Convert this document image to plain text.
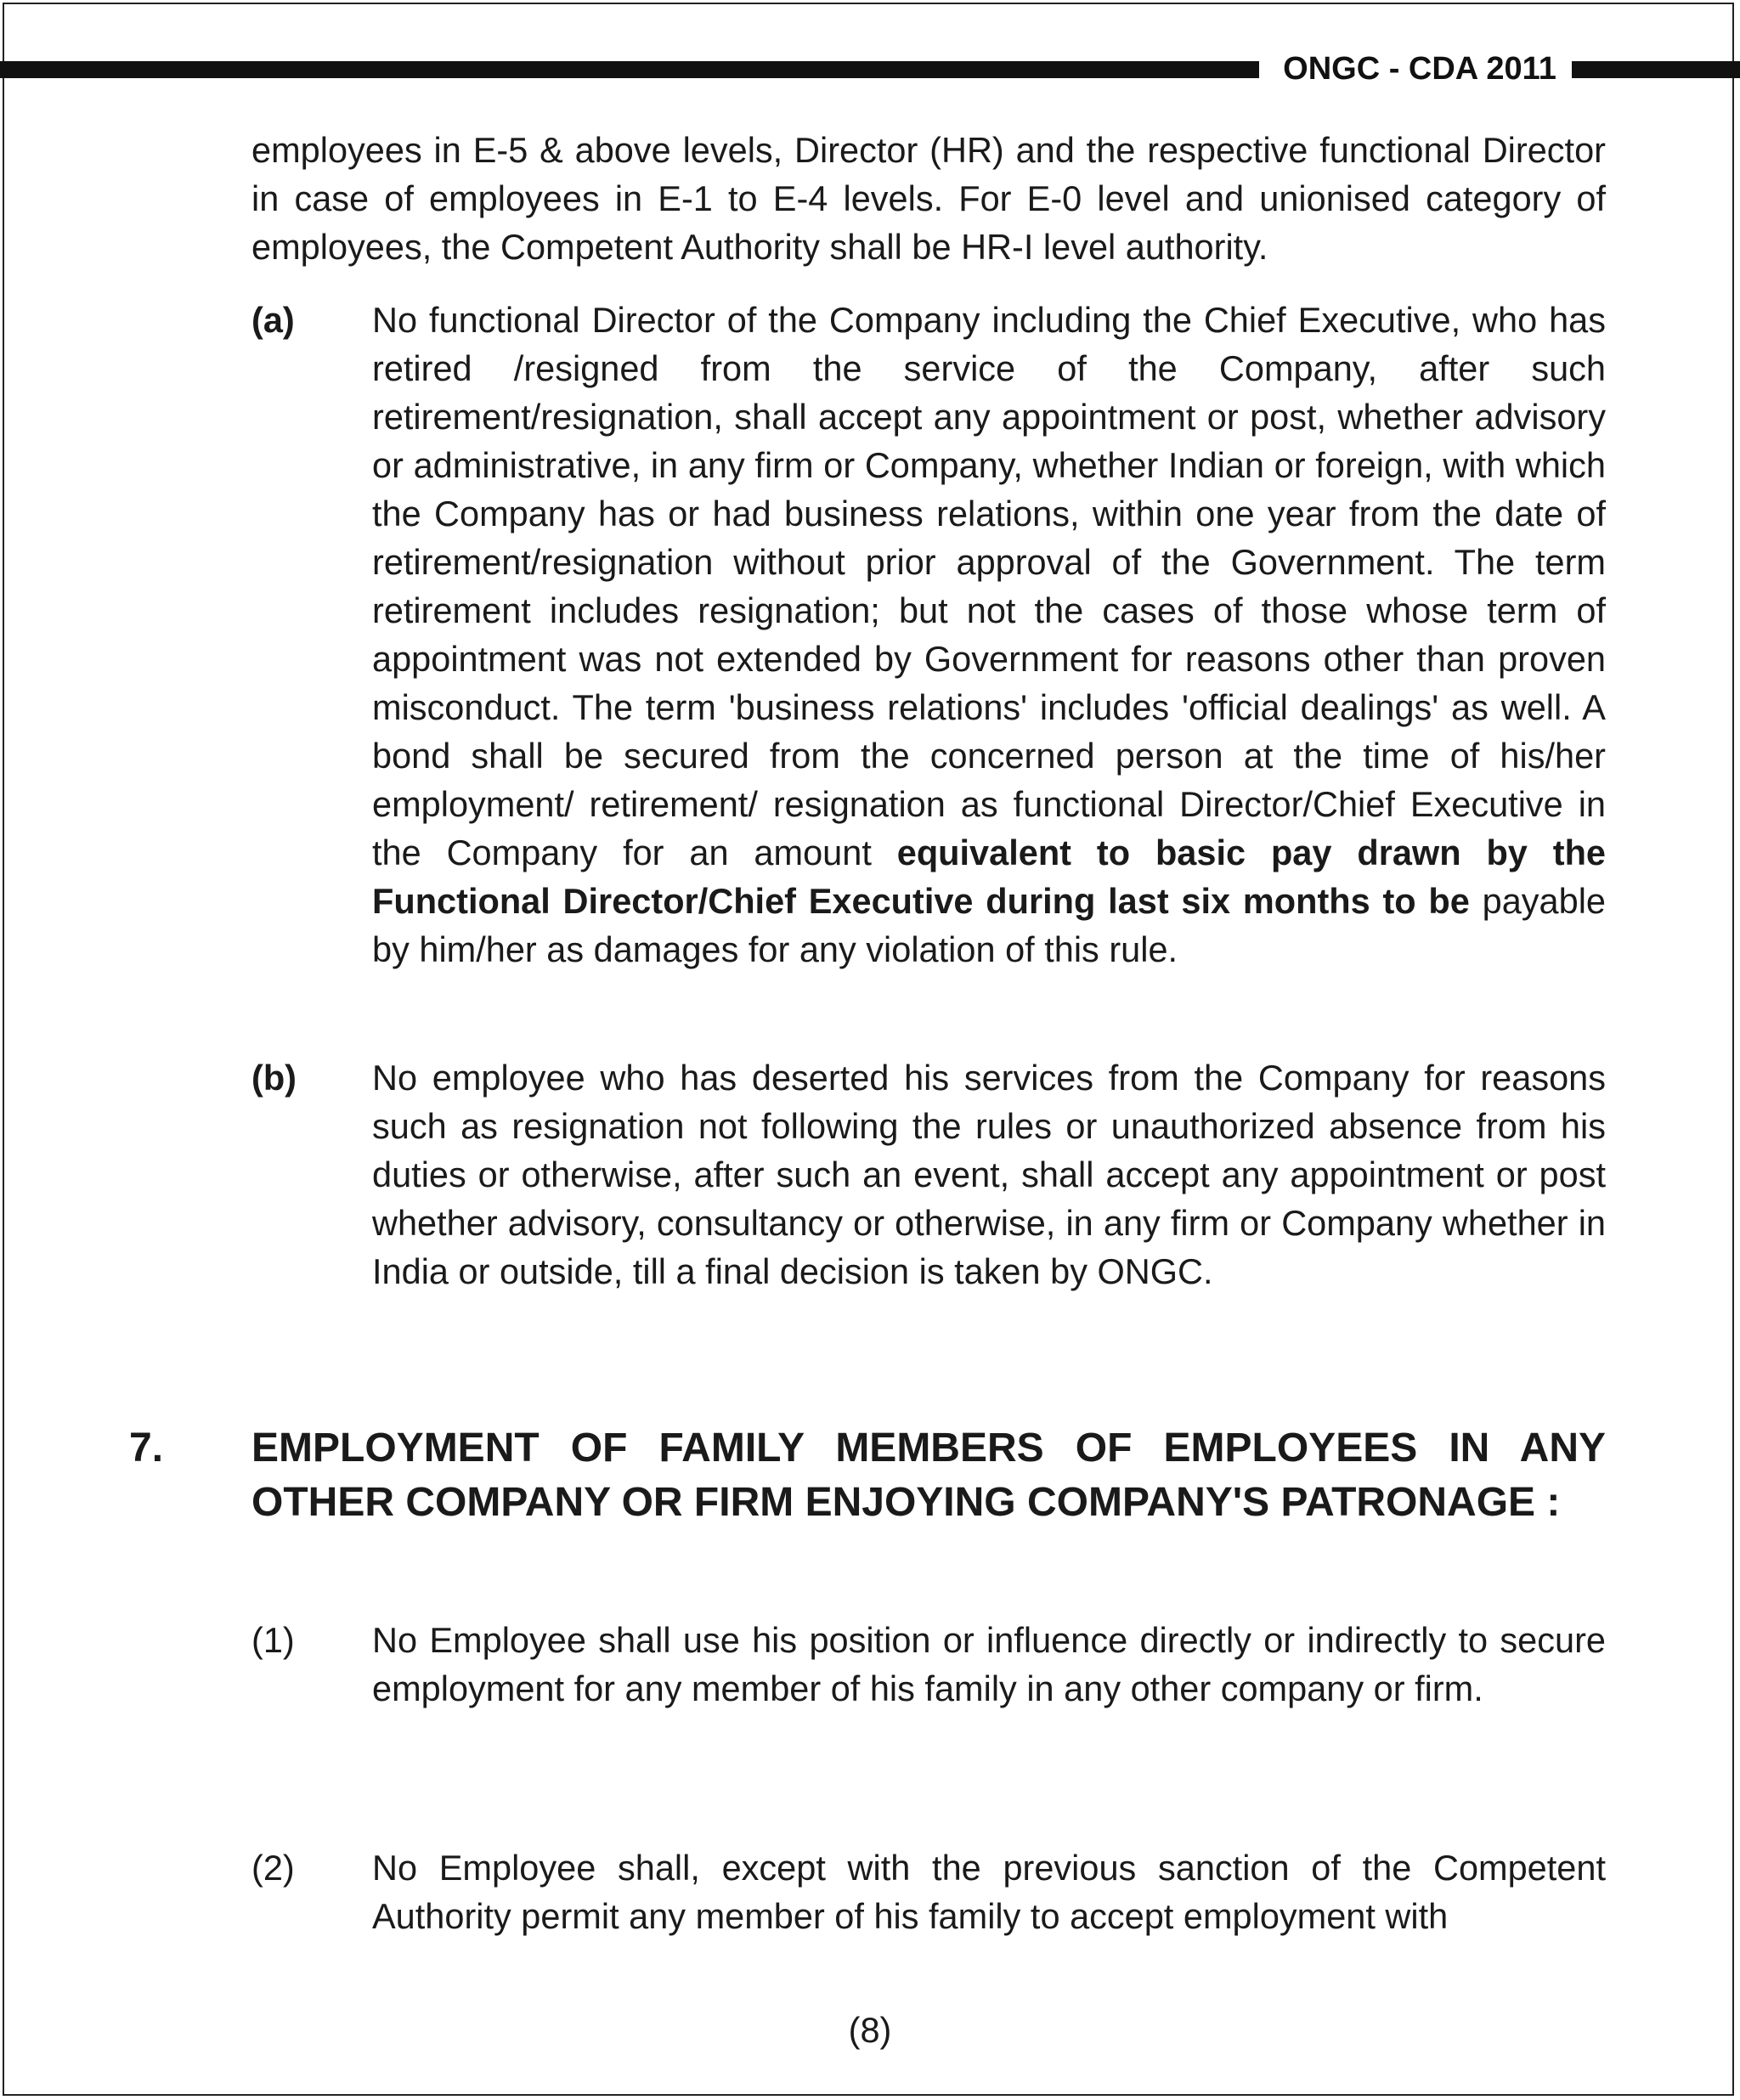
ONGC - CDA 2011

employees in E-5 & above levels, Director (HR) and the respective functional Director in case of employees in E-1 to E-4 levels. For E-0 level and unionised category of employees, the Competent Authority shall be HR-I level authority.

(a) No functional Director of the Company including the Chief Executive, who has retired /resigned from the service of the Company, after such retirement/resignation, shall accept any appointment or post, whether advisory or administrative, in any firm or Company, whether Indian or foreign, with which the Company has or had business relations, within one year from the date of retirement/resignation without prior approval of the Government. The term retirement includes resignation; but not the cases of those whose term of appointment was not extended by Government for reasons other than proven misconduct. The term 'business relations' includes 'official dealings' as well. A bond shall be secured from the concerned person at the time of his/her employment/ retirement/ resignation as functional Director/Chief Executive in the Company for an amount equivalent to basic pay drawn by the Functional Director/Chief Executive during last six months to be payable by him/her as damages for any violation of this rule.

(b) No employee who has deserted his services from the Company for reasons such as resignation not following the rules or unauthorized absence from his duties or otherwise, after such an event, shall accept any appointment or post whether advisory, consultancy or otherwise, in any firm or Company whether in India or outside, till a final decision is taken by ONGC.

7. EMPLOYMENT OF FAMILY MEMBERS OF EMPLOYEES IN ANY OTHER COMPANY OR FIRM ENJOYING COMPANY'S PATRONAGE :

(1) No Employee shall use his position or influence directly or indirectly to secure employment for any member of his family in any other company or firm.

(2) No Employee shall, except with the previous sanction of the Competent Authority permit any member of his family to accept employment with

(8)
